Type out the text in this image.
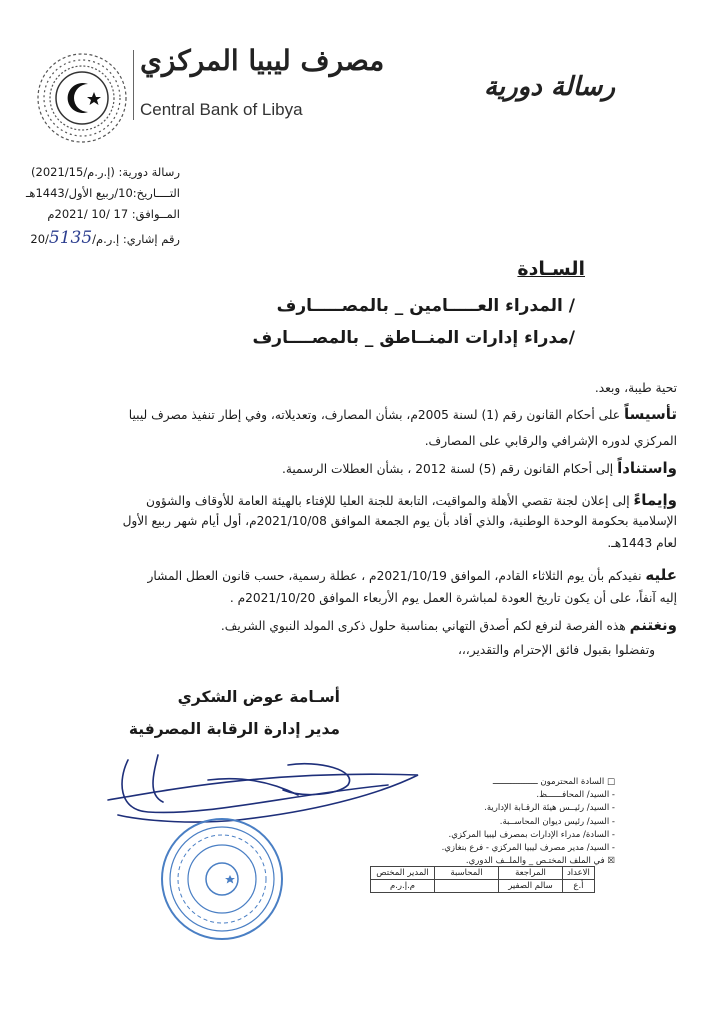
مصرف ليبيا المركزي
Central Bank of Libya
رسالة دورية
رسالة دورية: (إ.ر.م/2021/15)
التــــاريخ:10/ربيع الأول/1443هـ
المــوافق: 17 /10 /2021م
رقم إشاري: إ.ر.م/20/5135
السـادة
/ المدراء العـــــامين _ بالمصـــــارف
/مدراء إدارات المنــاطق _ بالمصــــارف
تحية طيبة، وبعد.
تأسيساً على أحكام القانون رقم (1) لسنة 2005م، بشأن المصارف، وتعديلاته، وفي إطار تنفيذ مصرف ليبيا
المركزي لدوره الإشرافي والرقابي على المصارف.
واستناداً إلى أحكام القانون رقم (5) لسنة 2012 ، بشأن العطلات الرسمية.
وإيماءً إلى إعلان لجنة تقصي الأهلة والمواقيت، التابعة للجنة العليا للإفتاء بالهيئة العامة للأوقاف والشؤون
الإسلامية بحكومة الوحدة الوطنية، والذي أفاد بأن يوم الجمعة الموافق 2021/10/08م، أول أيام شهر ربيع الأول
لعام 1443هـ.
عليه نفيدكم بأن يوم الثلاثاء القادم، الموافق 2021/10/19م ، عطلة رسمية، حسب قانون العطل المشار
إليه آنفاً، على أن يكون تاريخ العودة لمباشرة العمل يوم الأربعاء الموافق 2021/10/20م .
ونغتنم هذه الفرصة لنرفع لكم أصدق التهاني بمناسبة حلول ذكرى المولد النبوي الشريف.
وتفضلوا بقبول فائق الإحترام والتقدير،،،
أسـامة عوض الشكري
مدير إدارة الرقابة المصرفية
□ السادة المحترمون ــــــــــــــــــ
- السيد/ المحافــــــظ.
- السيد/ رئيــس هيئة الرقـابة الإدارية.
- السيد/ رئيس ديوان المحاســبة.
- السادة/ مدراء الإدارات بمصرف ليبيا المركزي.
- السيد/ مدير مصرف ليبيا المركزي - فرع بنغازي.
☒ في الملف المختـص _ والملــف الدوري.
الاعداد	المراجعة	المحاسبة	المدير المختص
أ.ع	سالم الصفير		م.إ.ر.م
